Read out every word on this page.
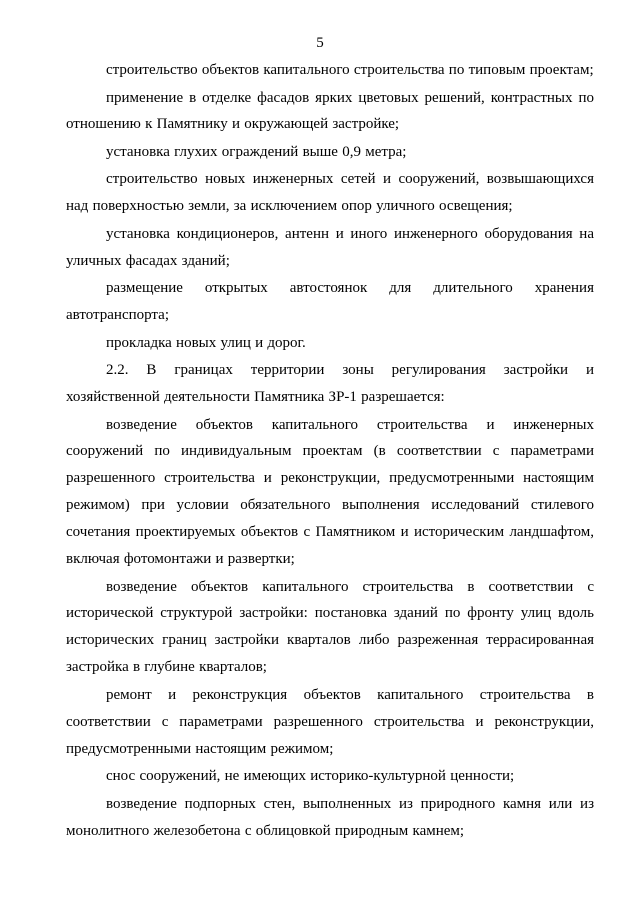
5

строительство объектов капитального строительства по типовым проектам;

применение в отделке фасадов ярких цветовых решений, контрастных по отношению к Памятнику и окружающей застройке;

установка глухих ограждений выше 0,9 метра;

строительство новых инженерных сетей и сооружений, возвышающихся над поверхностью земли, за исключением опор уличного освещения;

установка кондиционеров, антенн и иного инженерного оборудования на уличных фасадах зданий;

размещение открытых автостоянок для длительного хранения автотранспорта;

прокладка новых улиц и дорог.

2.2. В границах территории зоны регулирования застройки и хозяйственной деятельности Памятника ЗР-1 разрешается:

возведение объектов капитального строительства и инженерных сооружений по индивидуальным проектам (в соответствии с параметрами разрешенного строительства и реконструкции, предусмотренными настоящим режимом) при условии обязательного выполнения исследований стилевого сочетания проектируемых объектов с Памятником и историческим ландшафтом, включая фотомонтажи и развертки;

возведение объектов капитального строительства в соответствии с исторической структурой застройки: постановка зданий по фронту улиц вдоль исторических границ застройки кварталов либо разреженная террасированная застройка в глубине кварталов;

ремонт и реконструкция объектов капитального строительства в соответствии с параметрами разрешенного строительства и реконструкции, предусмотренными настоящим режимом;

снос сооружений, не имеющих историко-культурной ценности;

возведение подпорных стен, выполненных из природного камня или из монолитного железобетона с облицовкой природным камнем;
